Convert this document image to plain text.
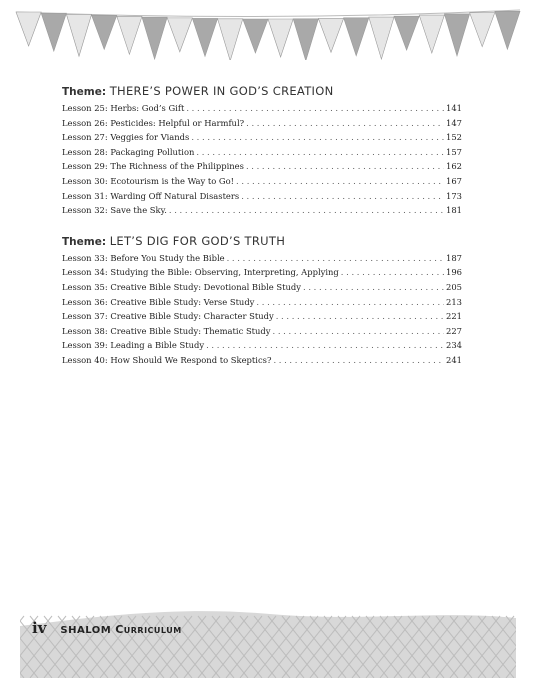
Theme: THERE’S POWER IN GOD’S CREATION
Lesson 25: Herbs: God’s Gift . . .	141
Lesson 26: Pesticides: Helpful or Harmful? . . .	147
Lesson 27: Veggies for Viands . . .	152
Lesson 28: Packaging Pollution . . .	157
Lesson 29: The Richness of the Philippines . . .	162
Lesson 30: Ecotourism is the Way to Go! . . .	167
Lesson 31: Warding Off Natural Disasters . . .	173
Lesson 32: Save the Sky. . . .	181
Theme: LET’S DIG FOR GOD’S TRUTH
Lesson 33: Before You Study the Bible . . .	187
Lesson 34: Studying the Bible: Observing, Interpreting, Applying . . .	196
Lesson 35: Creative Bible Study: Devotional Bible Study . . .	205
Lesson 36: Creative Bible Study: Verse Study . . .	213
Lesson 37: Creative Bible Study: Character Study . . .	221
Lesson 38: Creative Bible Study: Thematic Study . . .	227
Lesson 39: Leading a Bible Study . . .	234
Lesson 40: How Should We Respond to Skeptics? . . .	241
iv SHALOM Curriculum
